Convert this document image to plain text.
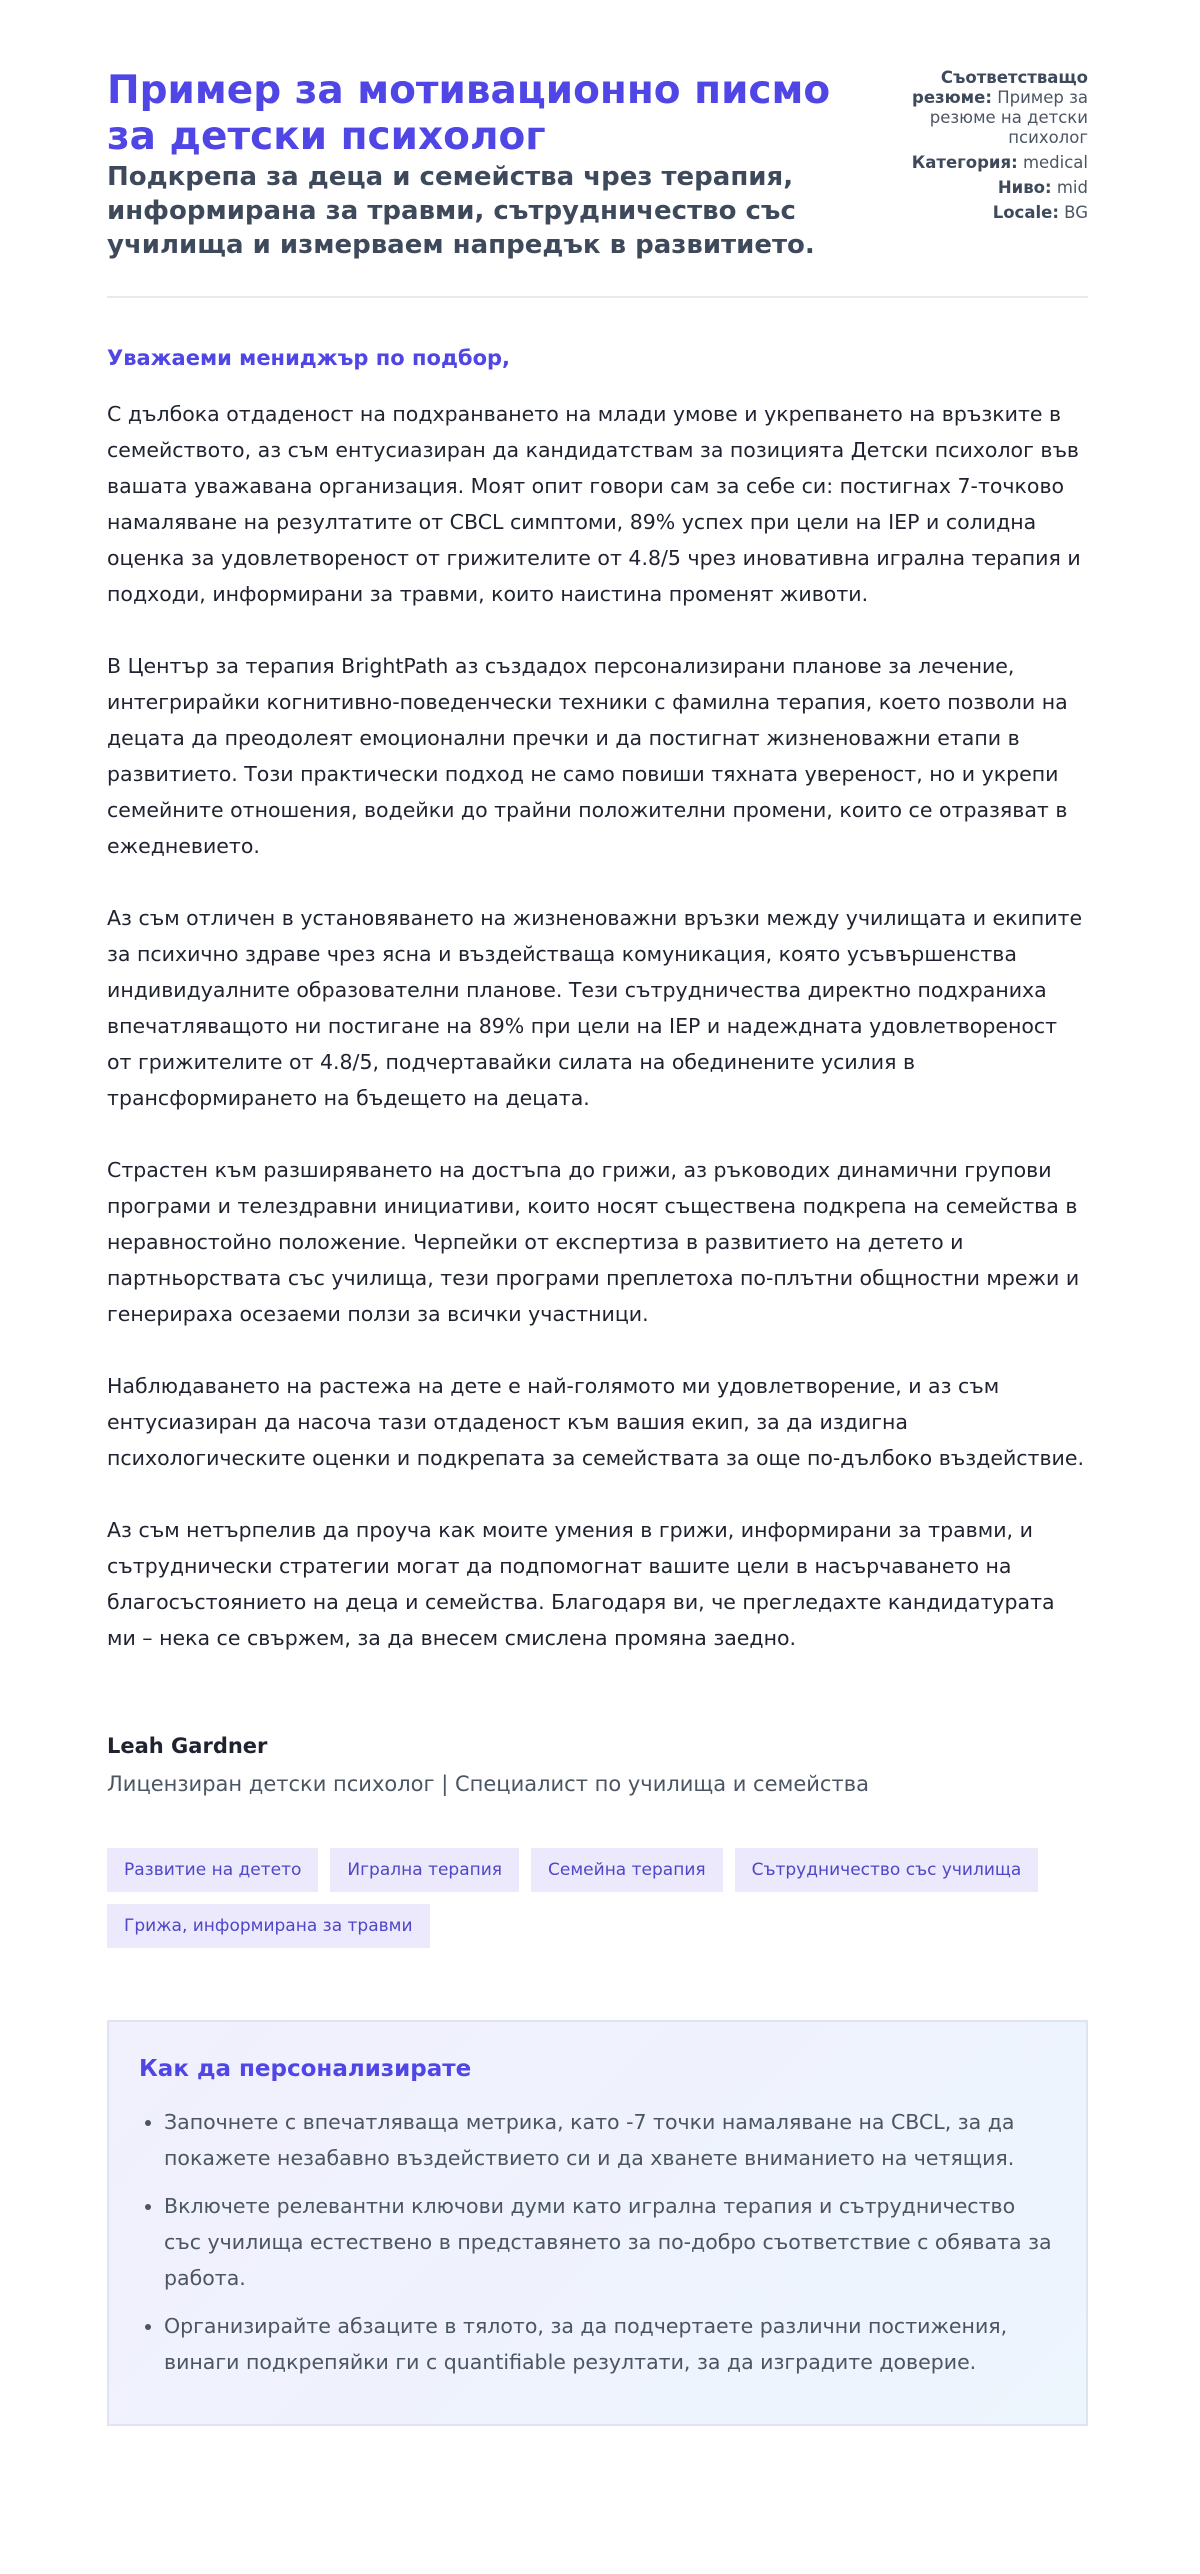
Пример за мотивационно писмо за детски психолог
Подкрепа за деца и семейства чрез терапия, информирана за травми, сътрудничество със училища и измерваем напредък в развитието.
Съответстващо резюме: Пример за резюме на детски психолог
Категория: medical
Ниво: mid
Locale: BG
Уважаеми мениджър по подбор,

С дълбока отдаденост на подхранването на млади умове и укрепването на връзките в семейството, аз съм ентусиазиран да кандидатствам за позицията Детски психолог във вашата уважавана организация. Моят опит говори сам за себе си: постигнах 7-точково намаляване на резултатите от CBCL симптоми, 89% успех при цели на IEP и солидна оценка за удовлетвореност от грижителите от 4.8/5 чрез иновативна игрална терапия и подходи, информирани за травми, които наистина променят животи.

В Център за терапия BrightPath аз създадох персонализирани планове за лечение, интегрирайки когнитивно-поведенчески техники с фамилна терапия, което позволи на децата да преодолеят емоционални пречки и да постигнат жизненоважни етапи в развитието. Този практически подход не само повиши тяхната увереност, но и укрепи семейните отношения, водейки до трайни положителни промени, които се отразяват в ежедневието.

Аз съм отличен в установяването на жизненоважни връзки между училищата и екипите за психично здраве чрез ясна и въздействаща комуникация, която усъвършенства индивидуалните образователни планове. Тези сътрудничества директно подхраниха впечатляващото ни постигане на 89% при цели на IEP и надеждната удовлетвореност от грижителите от 4.8/5, подчертавайки силата на обединените усилия в трансформирането на бъдещето на децата.

Страстен към разширяването на достъпа до грижи, аз ръководих динамични групови програми и телездравни инициативи, които носят съществена подкрепа на семейства в неравностойно положение. Черпейки от експертиза в развитието на детето и партньорствата със училища, тези програми преплетоха по-плътни общностни мрежи и генерираха осезаеми ползи за всички участници.

Наблюдаването на растежа на дете е най-голямото ми удовлетворение, и аз съм ентусиазиран да насоча тази отдаденост към вашия екип, за да издигна психологическите оценки и подкрепата за семействата за още по-дълбоко въздействие.

Аз съм нетърпелив да проуча как моите умения в грижи, информирани за травми, и сътруднически стратегии могат да подпомогнат вашите цели в насърчаването на благосъстоянието на деца и семейства. Благодаря ви, че прегледахте кандидатурата ми – нека се свържем, за да внесем смислена промяна заедно.

Leah Gardner
Лицензиран детски психолог | Специалист по училища и семейства
Развитие на детето	Игрална терапия	Семейна терапия	Сътрудничество със училища
Грижа, информирана за травми
Как да персонализирате
• Започнете с впечатляваща метрика, като -7 точки намаляване на CBCL, за да покажете незабавно въздействието си и да хванете вниманието на четящия.
• Включете релевантни ключови думи като игрална терапия и сътрудничество със училища естествено в представянето за по-добро съответствие с обявата за работа.
• Организирайте абзаците в тялото, за да подчертаете различни постижения, винаги подкрепяйки ги с quantifiable резултати, за да изградите доверие.
